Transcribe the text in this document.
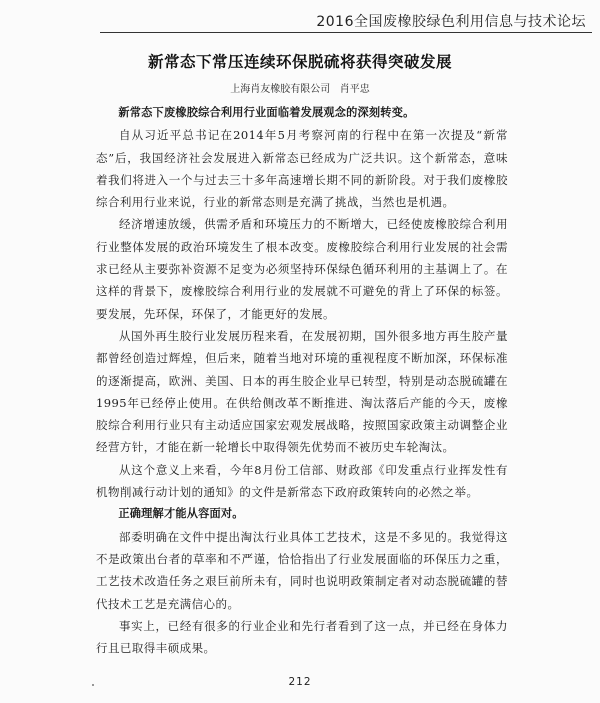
2016全国废橡胶绿色利用信息与技术论坛
新常态下常压连续环保脱硫将获得突破发展
上海肖友橡胶有限公司   肖平忠

新常态下废橡胶综合利用行业面临着发展观念的深刻转变。

自从习近平总书记在2014年5月考察河南的行程中在第一次提及“新常态”后，我国经济社会发展进入新常态已经成为广泛共识。这个新常态，意味着我们将进入一个与过去三十多年高速增长期不同的新阶段。对于我们废橡胶综合利用行业来说，行业的新常态则是充满了挑战，当然也是机遇。

经济增速放缓，供需矛盾和环境压力的不断增大，已经使废橡胶综合利用行业整体发展的政治环境发生了根本改变。废橡胶综合利用行业发展的社会需求已经从主要弥补资源不足变为必须坚持环保绿色循环利用的主基调上了。在这样的背景下，废橡胶综合利用行业的发展就不可避免的背上了环保的标签。要发展，先环保，环保了，才能更好的发展。

从国外再生胶行业发展历程来看，在发展初期，国外很多地方再生胶产量都曾经创造过辉煌，但后来，随着当地对环境的重视程度不断加深，环保标准的逐渐提高，欧洲、美国、日本的再生胶企业早已转型，特别是动态脱硫罐在1995年已经停止使用。在供给侧改革不断推进、淘汰落后产能的今天，废橡胶综合利用行业只有主动适应国家宏观发展战略，按照国家政策主动调整企业经营方针，才能在新一轮增长中取得领先优势而不被历史车轮淘汰。

从这个意义上来看，今年8月份工信部、财政部《印发重点行业挥发性有机物削减行动计划的通知》的文件是新常态下政府政策转向的必然之举。

正确理解才能从容面对。

部委明确在文件中提出淘汰行业具体工艺技术，这是不多见的。我觉得这不是政策出台者的草率和不严谨，恰恰指出了行业发展面临的环保压力之重，工艺技术改造任务之艰巨前所未有，同时也说明政策制定者对动态脱硫罐的替代技术工艺是充满信心的。

事实上，已经有很多的行业企业和先行者看到了这一点，并已经在身体力行且已取得丰硕成果。

212
